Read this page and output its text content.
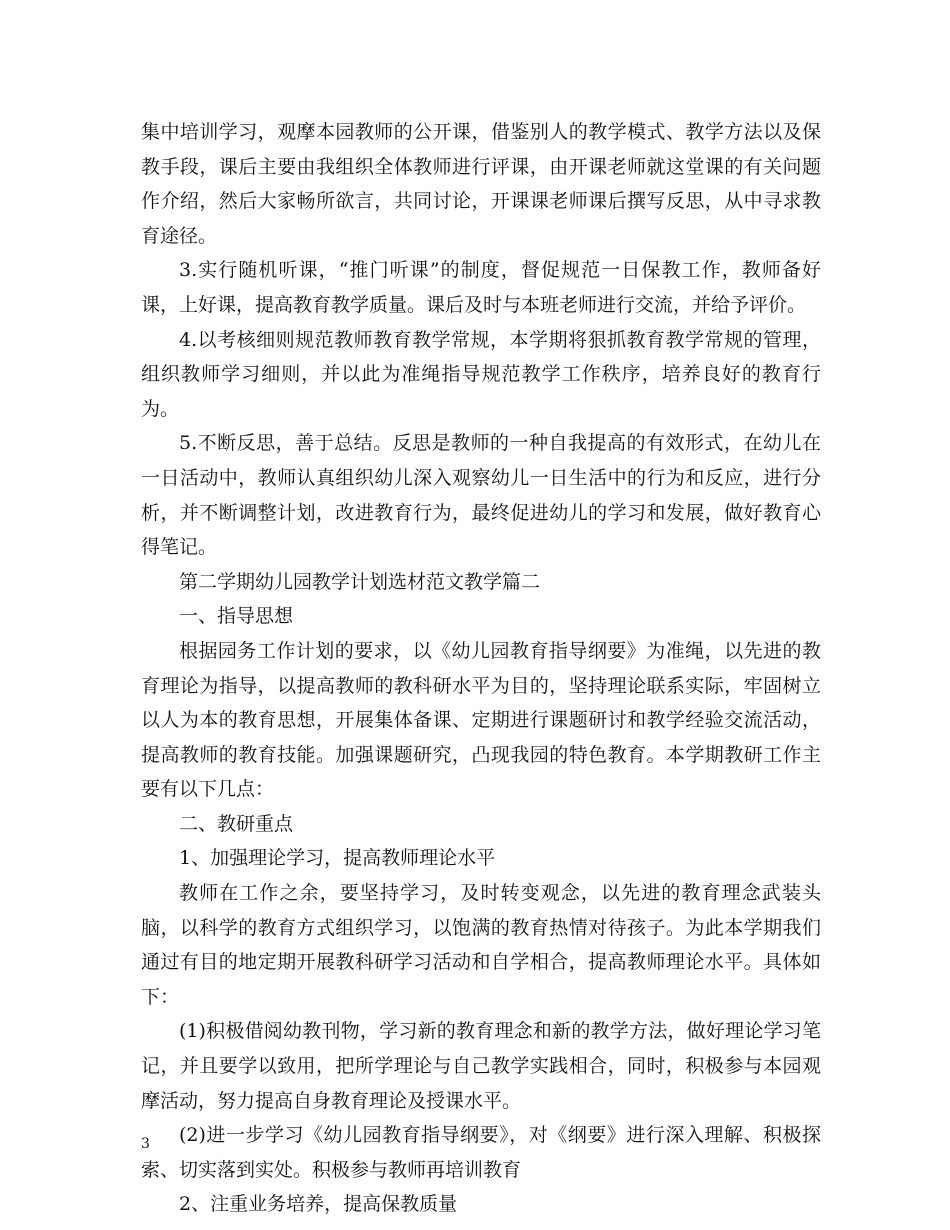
集中培训学习，观摩本园教师的公开课，借鉴别人的教学模式、教学方法以及保教手段，课后主要由我组织全体教师进行评课，由开课老师就这堂课的有关问题作介绍，然后大家畅所欲言，共同讨论，开课课老师课后撰写反思，从中寻求教育途径。

3.实行随机听课，“推门听课”的制度，督促规范一日保教工作，教师备好课，上好课，提高教育教学质量。课后及时与本班老师进行交流，并给予评价。

4.以考核细则规范教师教育教学常规，本学期将狠抓教育教学常规的管理，组织教师学习细则，并以此为准绳指导规范教学工作秩序，培养良好的教育行为。

5.不断反思，善于总结。反思是教师的一种自我提高的有效形式，在幼儿在一日活动中，教师认真组织幼儿深入观察幼儿一日生活中的行为和反应，进行分析，并不断调整计划，改进教育行为，最终促进幼儿的学习和发展，做好教育心得笔记。

第二学期幼儿园教学计划选材范文教学篇二

一、指导思想

根据园务工作计划的要求，以《幼儿园教育指导纲要》为准绳，以先进的教育理论为指导，以提高教师的教科研水平为目的，坚持理论联系实际，牢固树立以人为本的教育思想，开展集体备课、定期进行课题研讨和教学经验交流活动，提高教师的教育技能。加强课题研究，凸现我园的特色教育。本学期教研工作主要有以下几点：

二、教研重点

1、加强理论学习，提高教师理论水平

教师在工作之余，要坚持学习，及时转变观念，以先进的教育理念武装头脑，以科学的教育方式组织学习，以饱满的教育热情对待孩子。为此本学期我们通过有目的地定期开展教科研学习活动和自学相合，提高教师理论水平。具体如下：

(1)积极借阅幼教刊物，学习新的教育理念和新的教学方法，做好理论学习笔记，并且要学以致用，把所学理论与自己教学实践相合，同时，积极参与本园观摩活动，努力提高自身教育理论及授课水平。

(2)进一步学习《幼儿园教育指导纲要》，对《纲要》进行深入理解、积极探索、切实落到实处。积极参与教师再培训教育

2、注重业务培养，提高保教质量

3
